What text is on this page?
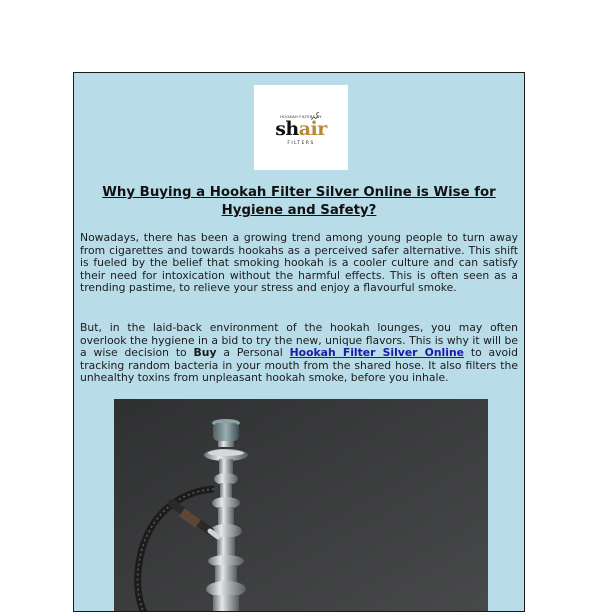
HOOKAH FILTERS BY
shair
FILTERS
Why Buying a Hookah Filter Silver Online is Wise for Hygiene and Safety?
Nowadays, there has been a growing trend among young people to turn away from cigarettes and towards hookahs as a perceived safer alternative. This shift is fueled by the belief that smoking hookah is a cooler culture and can satisfy their need for intoxication without the harmful effects. This is often seen as a trending pastime, to relieve your stress and enjoy a flavourful smoke.
But, in the laid-back environment of the hookah lounges, you may often overlook the hygiene in a bid to try the new, unique flavors. This is why it will be a wise decision to Buy a Personal Hookah Filter Silver Online to avoid tracking random bacteria in your mouth from the shared hose. It also filters the unhealthy toxins from unpleasant hookah smoke, before you inhale.
